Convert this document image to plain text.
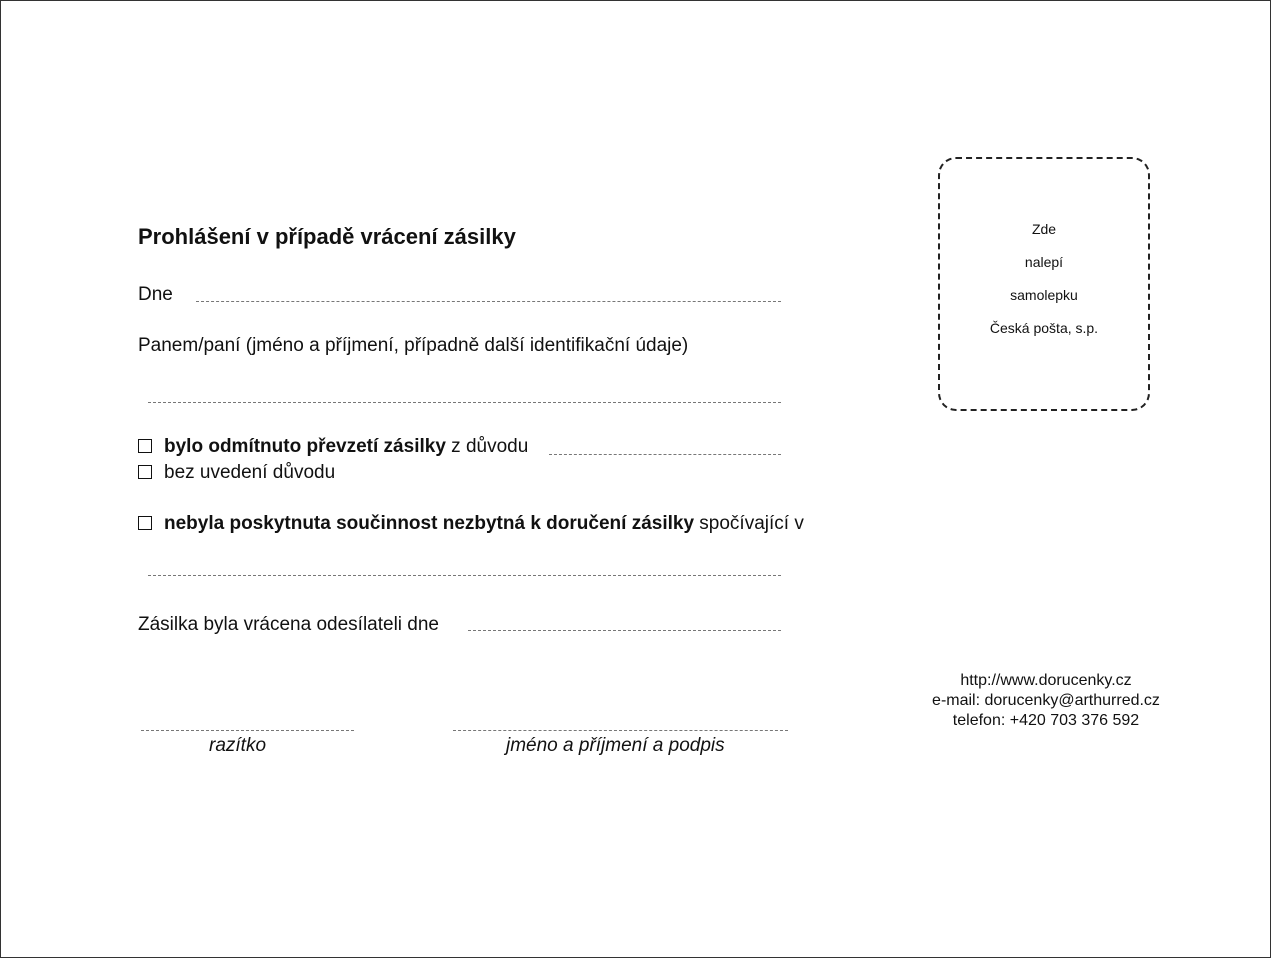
Prohlášení v případě vrácení zásilky
Dne
Panem/paní (jméno a příjmení, případně další identifikační údaje)
bylo odmítnuto převzetí zásilky z důvodu
bez uvedení důvodu
nebyla poskytnuta součinnost nezbytná k doručení zásilky spočívající v
Zásilka byla vrácena odesílateli dne
razítko	jméno a příjmení a podpis
Zde
nalepí
samolepku
Česká pošta, s.p.
http://www.dorucenky.cz
e-mail: dorucenky@arthurred.cz
telefon: +420 703 376 592
